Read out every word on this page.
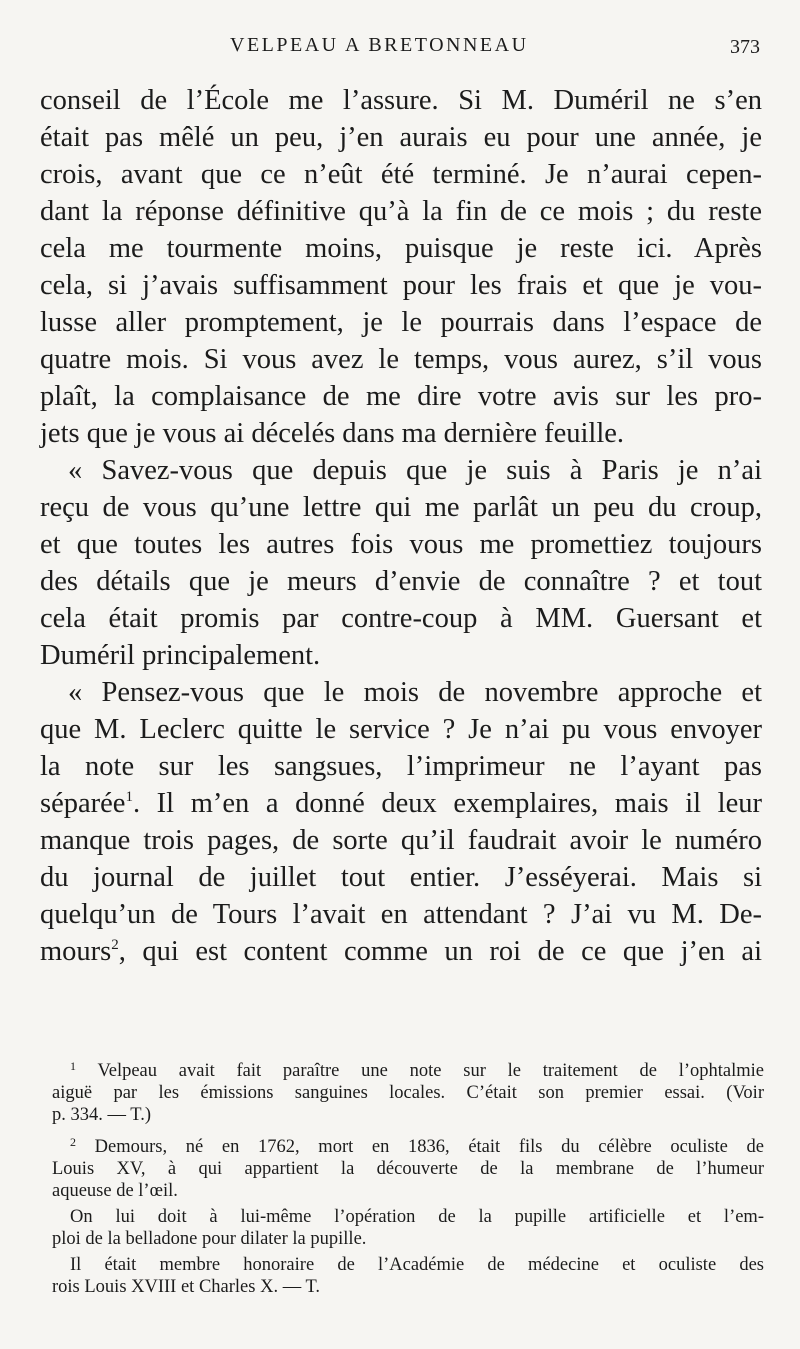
VELPEAU A BRETONNEAU	373
conseil de l’École me l’assure. Si M. Duméril ne s’en
était pas mêlé un peu, j’en aurais eu pour une année, je
crois, avant que ce n’eût été terminé. Je n’aurai cepen-
dant la réponse définitive qu’à la fin de ce mois ; du reste
cela me tourmente moins, puisque je reste ici. Après
cela, si j’avais suffisamment pour les frais et que je vou-
lusse aller promptement, je le pourrais dans l’espace de
quatre mois. Si vous avez le temps, vous aurez, s’il vous
plaît, la complaisance de me dire votre avis sur les pro-
jets que je vous ai décelés dans ma dernière feuille.
« Savez-vous que depuis que je suis à Paris je n’ai
reçu de vous qu’une lettre qui me parlât un peu du croup,
et que toutes les autres fois vous me promettiez toujours
des détails que je meurs d’envie de connaître ? et tout
cela était promis par contre-coup à MM. Guersant et
Duméril principalement.
« Pensez-vous que le mois de novembre approche et
que M. Leclerc quitte le service ? Je n’ai pu vous envoyer
la note sur les sangsues, l’imprimeur ne l’ayant pas
séparée$^1$. Il m’en a donné deux exemplaires, mais il leur
manque trois pages, de sorte qu’il faudrait avoir le numéro
du journal de juillet tout entier. J’esséyerai. Mais si
quelqu’un de Tours l’avait en attendant ? J’ai vu M. De-
mours$^2$, qui est content comme un roi de ce que j’en ai
$^1$ Velpeau avait fait paraître une note sur le traitement de l’ophtalmie
aiguë par les émissions sanguines locales. C’était son premier essai. (Voir
p. 334. — T.)
$^2$ Demours, né en 1762, mort en 1836, était fils du célèbre oculiste de
Louis XV, à qui appartient la découverte de la membrane de l’humeur
aqueuse de l’œil.
On lui doit à lui-même l’opération de la pupille artificielle et l’em-
ploi de la belladone pour dilater la pupille.
Il était membre honoraire de l’Académie de médecine et oculiste des
rois Louis XVIII et Charles X. — T.
